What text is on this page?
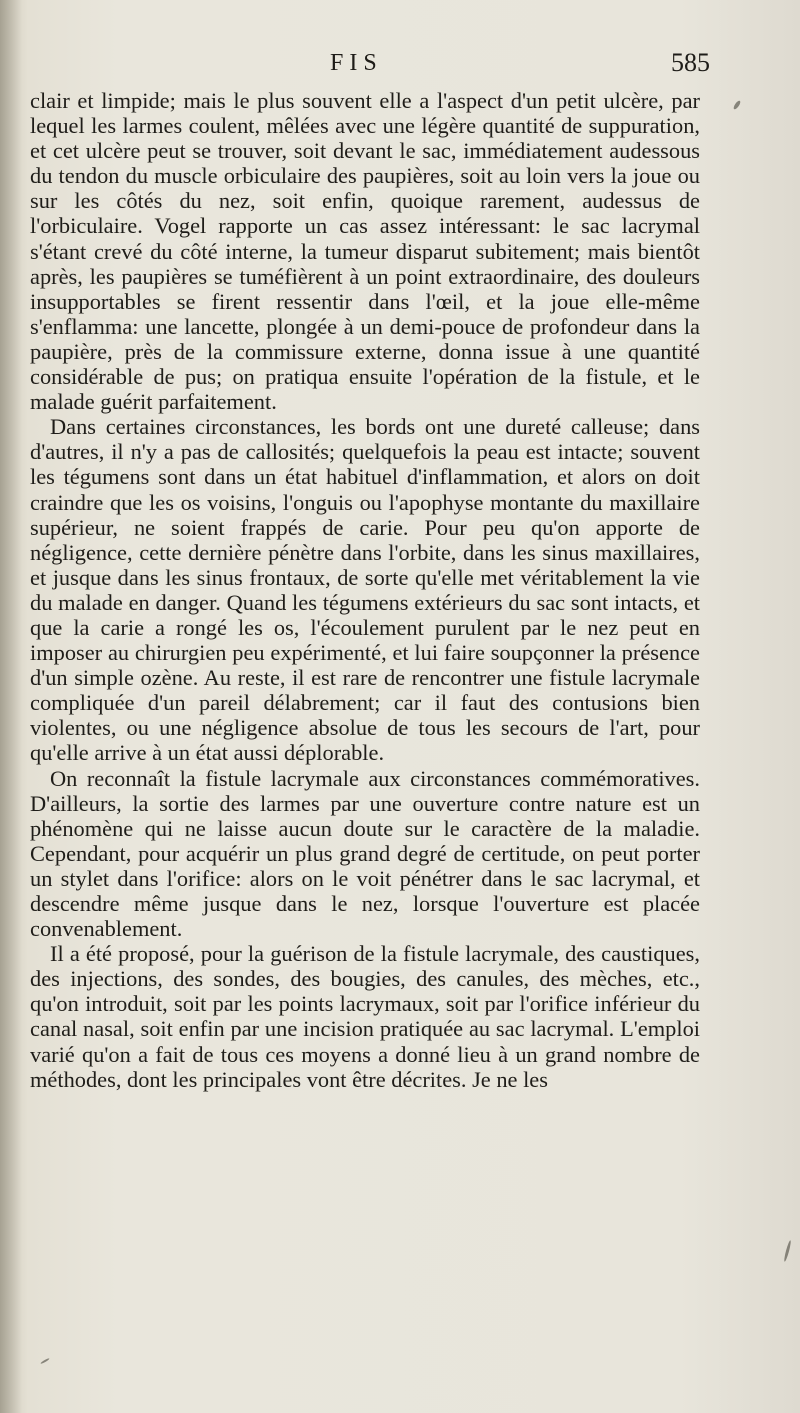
FIS	585

clair et limpide; mais le plus souvent elle a l'aspect d'un petit ulcère, par lequel les larmes coulent, mêlées avec une légère quantité de suppuration, et cet ulcère peut se trouver, soit devant le sac, immédiatement audessous du tendon du muscle orbiculaire des paupières, soit au loin vers la joue ou sur les côtés du nez, soit enfin, quoique rarement, audessus de l'orbiculaire. Vogel rapporte un cas assez intéressant: le sac lacrymal s'étant crevé du côté interne, la tumeur disparut subitement; mais bientôt après, les paupières se tuméfièrent à un point extraordinaire, des douleurs insupportables se firent ressentir dans l'œil, et la joue elle-même s'enflamma: une lancette, plongée à un demi-pouce de profondeur dans la paupière, près de la commissure externe, donna issue à une quantité considérable de pus; on pratiqua ensuite l'opération de la fistule, et le malade guérit parfaitement.

Dans certaines circonstances, les bords ont une dureté calleuse; dans d'autres, il n'y a pas de callosités; quelquefois la peau est intacte; souvent les tégumens sont dans un état habituel d'inflammation, et alors on doit craindre que les os voisins, l'onguis ou l'apophyse montante du maxillaire supérieur, ne soient frappés de carie. Pour peu qu'on apporte de négligence, cette dernière pénètre dans l'orbite, dans les sinus maxillaires, et jusque dans les sinus frontaux, de sorte qu'elle met véritablement la vie du malade en danger. Quand les tégumens extérieurs du sac sont intacts, et que la carie a rongé les os, l'écoulement purulent par le nez peut en imposer au chirurgien peu expérimenté, et lui faire soupçonner la présence d'un simple ozène. Au reste, il est rare de rencontrer une fistule lacrymale compliquée d'un pareil délabrement; car il faut des contusions bien violentes, ou une négligence absolue de tous les secours de l'art, pour qu'elle arrive à un état aussi déplorable.

On reconnaît la fistule lacrymale aux circonstances commémoratives. D'ailleurs, la sortie des larmes par une ouverture contre nature est un phénomène qui ne laisse aucun doute sur le caractère de la maladie. Cependant, pour acquérir un plus grand degré de certitude, on peut porter un stylet dans l'orifice: alors on le voit pénétrer dans le sac lacrymal, et descendre même jusque dans le nez, lorsque l'ouverture est placée convenablement.

Il a été proposé, pour la guérison de la fistule lacrymale, des caustiques, des injections, des sondes, des bougies, des canules, des mèches, etc., qu'on introduit, soit par les points lacrymaux, soit par l'orifice inférieur du canal nasal, soit enfin par une incision pratiquée au sac lacrymal. L'emploi varié qu'on a fait de tous ces moyens a donné lieu à un grand nombre de méthodes, dont les principales vont être décrites. Je ne les
